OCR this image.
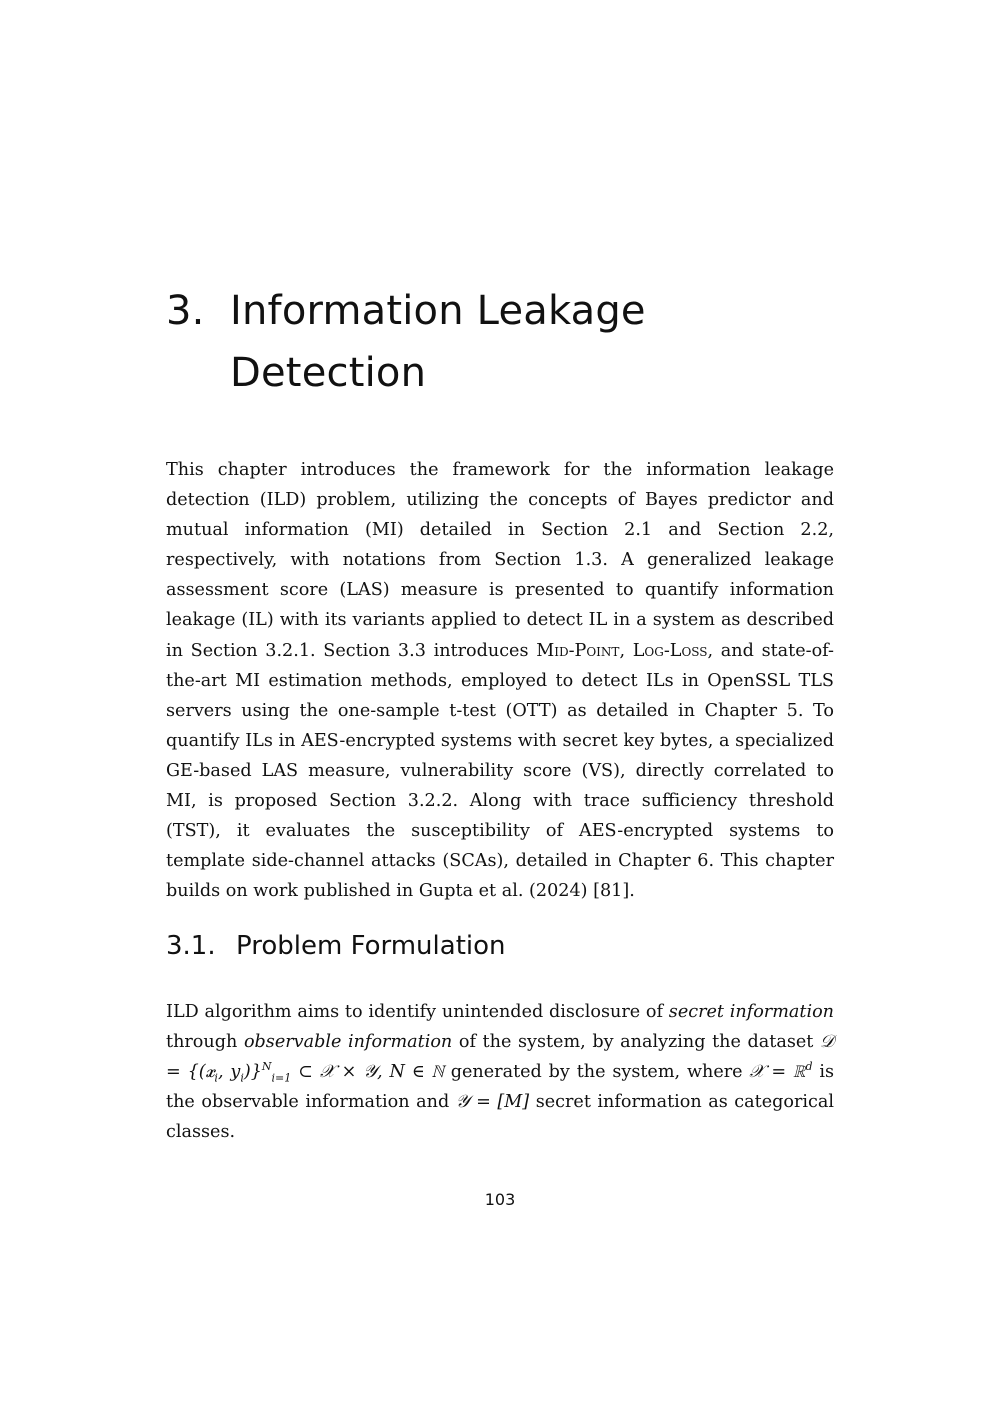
3. Information Leakage Detection

This chapter introduces the framework for the information leakage detection (ILD) problem, utilizing the concepts of Bayes predictor and mutual information (MI) detailed in Section 2.1 and Section 2.2, respectively, with notations from Section 1.3. A generalized leakage assessment score (LAS) measure is presented to quantify information leakage (IL) with its variants applied to detect IL in a system as described in Section 3.2.1. Section 3.3 introduces Mid-Point, Log-Loss, and state-of-the-art MI estimation methods, employed to detect ILs in OpenSSL TLS servers using the one-sample t-test (OTT) as detailed in Chapter 5. To quantify ILs in AES-encrypted systems with secret key bytes, a specialized GE-based LAS measure, vulnerability score (VS), directly correlated to MI, is proposed Section 3.2.2. Along with trace sufficiency threshold (TST), it evaluates the susceptibility of AES-encrypted systems to template side-channel attacks (SCAs), detailed in Chapter 6. This chapter builds on work published in Gupta et al. (2024) [81].

3.1. Problem Formulation

ILD algorithm aims to identify unintended disclosure of secret information through observable information of the system, by analyzing the dataset 𝒟 = {(𝒙$_i$, $y_i)\}^N_{i=1}$ ⊂ 𝒳 × 𝒴, N ∈ ℕ generated by the system, where 𝒳 = ℝ$^d$ is the observable information and 𝒴 = [M] secret information as categorical classes.

103
